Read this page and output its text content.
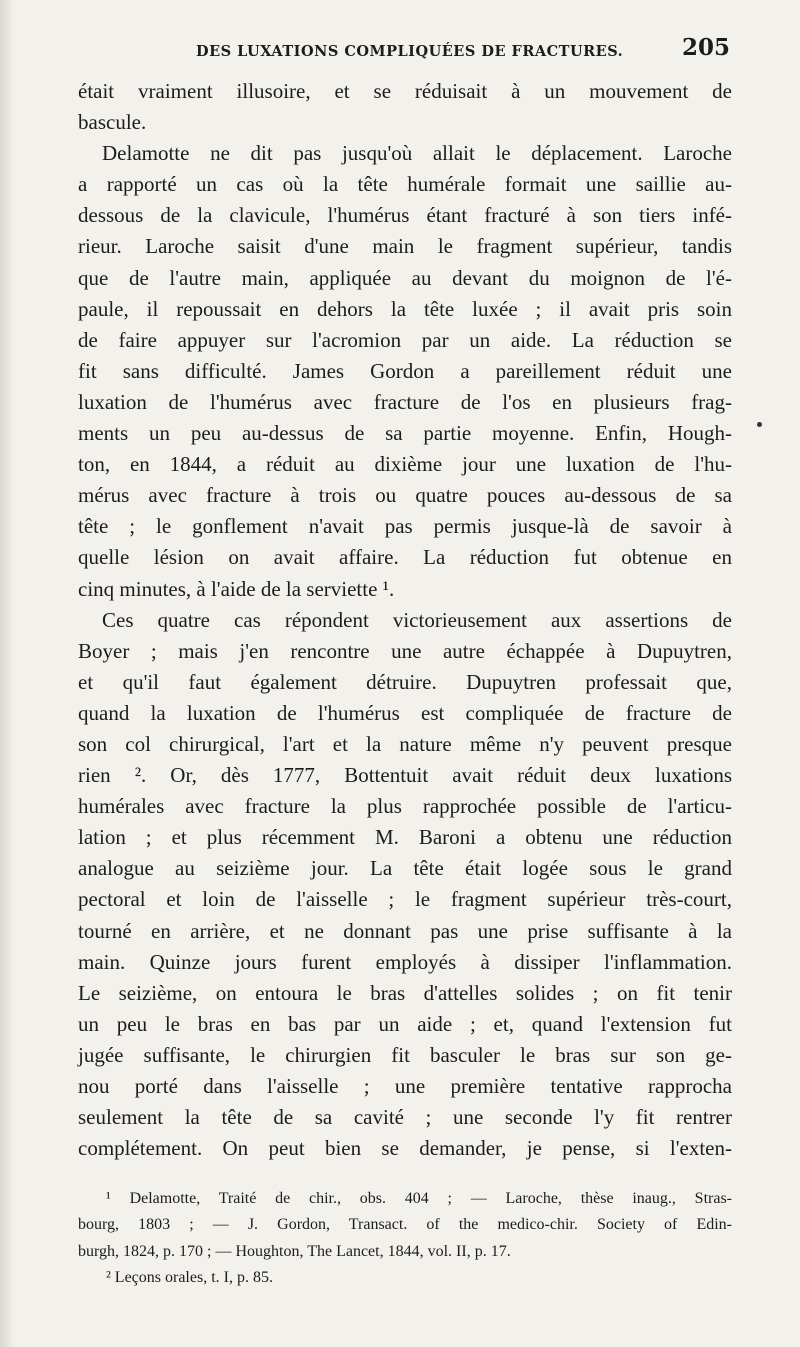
DES LUXATIONS COMPLIQUÉES DE FRACTURES.	205
était vraiment illusoire, et se réduisait à un mouvement de
bascule.
Delamotte ne dit pas jusqu'où allait le déplacement. Laroche
a rapporté un cas où la tête humérale formait une saillie au-
dessous de la clavicule, l'humérus étant fracturé à son tiers infé-
rieur. Laroche saisit d'une main le fragment supérieur, tandis
que de l'autre main, appliquée au devant du moignon de l'é-
paule, il repoussait en dehors la tête luxée ; il avait pris soin
de faire appuyer sur l'acromion par un aide. La réduction se
fit sans difficulté. James Gordon a pareillement réduit une
luxation de l'humérus avec fracture de l'os en plusieurs frag-
ments un peu au-dessus de sa partie moyenne. Enfin, Hough-
ton, en 1844, a réduit au dixième jour une luxation de l'hu-
mérus avec fracture à trois ou quatre pouces au-dessous de sa
tête ; le gonflement n'avait pas permis jusque-là de savoir à
quelle lésion on avait affaire. La réduction fut obtenue en
cinq minutes, à l'aide de la serviette ¹.
Ces quatre cas répondent victorieusement aux assertions de
Boyer ; mais j'en rencontre une autre échappée à Dupuytren,
et qu'il faut également détruire. Dupuytren professait que,
quand la luxation de l'humérus est compliquée de fracture de
son col chirurgical, l'art et la nature même n'y peuvent presque
rien ². Or, dès 1777, Bottentuit avait réduit deux luxations
humérales avec fracture la plus rapprochée possible de l'articu-
lation ; et plus récemment M. Baroni a obtenu une réduction
analogue au seizième jour. La tête était logée sous le grand
pectoral et loin de l'aisselle ; le fragment supérieur très-court,
tourné en arrière, et ne donnant pas une prise suffisante à la
main. Quinze jours furent employés à dissiper l'inflammation.
Le seizième, on entoura le bras d'attelles solides ; on fit tenir
un peu le bras en bas par un aide ; et, quand l'extension fut
jugée suffisante, le chirurgien fit basculer le bras sur son ge-
nou porté dans l'aisselle ; une première tentative rapprocha
seulement la tête de sa cavité ; une seconde l'y fit rentrer
complétement. On peut bien se demander, je pense, si l'exten-
¹ Delamotte, Traité de chir., obs. 404 ; — Laroche, thèse inaug., Stras-
bourg, 1803 ; — J. Gordon, Transact. of the medico-chir. Society of Edin-
burgh, 1824, p. 170 ; — Houghton, The Lancet, 1844, vol. II, p. 17.
² Leçons orales, t. I, p. 85.
